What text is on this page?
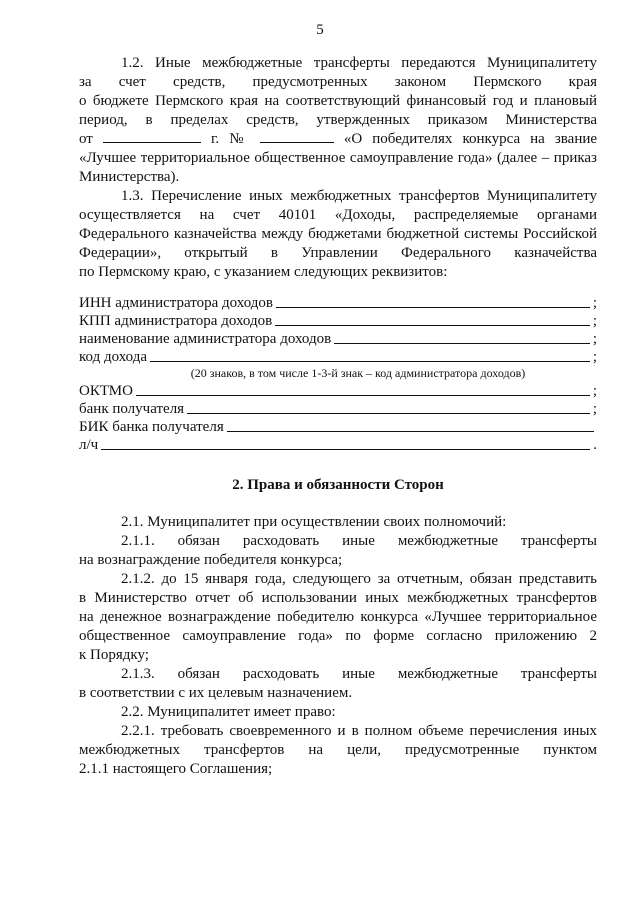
5

1.2. Иные межбюджетные трансферты передаются Муниципалитету

за счет средств, предусмотренных законом Пермского края

о бюджете Пермского края на соответствующий финансовый год и плановый

период, в пределах средств, утвержденных приказом Министерства

от	г. №	«О победителях конкурса на звание

«Лучшее территориальное общественное самоуправление года» (далее – приказ

Министерства).

1.3. Перечисление иных межбюджетных трансфертов Муниципалитету

осуществляется на счет 40101 «Доходы, распределяемые органами

Федерального казначейства между бюджетами бюджетной системы Российской

Федерации», открытый в Управлении Федерального казначейства

по Пермскому краю, с указанием следующих реквизитов:

ИНН администратора доходов	;
КПП администратора доходов	;
наименование администратора доходов	;
код дохода	;

(20 знаков, в том числе 1-3-й знак – код администратора доходов)

ОКТМО	;
банк получателя	;
БИК банка получателя
л/ч	.

2. Права и обязанности Сторон

2.1. Муниципалитет при осуществлении своих полномочий:

2.1.1. обязан расходовать иные межбюджетные трансферты

на вознаграждение победителя конкурса;

2.1.2. до 15 января года, следующего за отчетным, обязан представить

в Министерство отчет об использовании иных межбюджетных трансфертов

на денежное вознаграждение победителю конкурса «Лучшее территориальное

общественное самоуправление года» по форме согласно приложению 2

к Порядку;

2.1.3. обязан расходовать иные межбюджетные трансферты

в соответствии с их целевым назначением.

2.2. Муниципалитет имеет право:

2.2.1. требовать своевременного и в полном объеме перечисления иных

межбюджетных трансфертов на цели, предусмотренные пунктом

2.1.1 настоящего Соглашения;
